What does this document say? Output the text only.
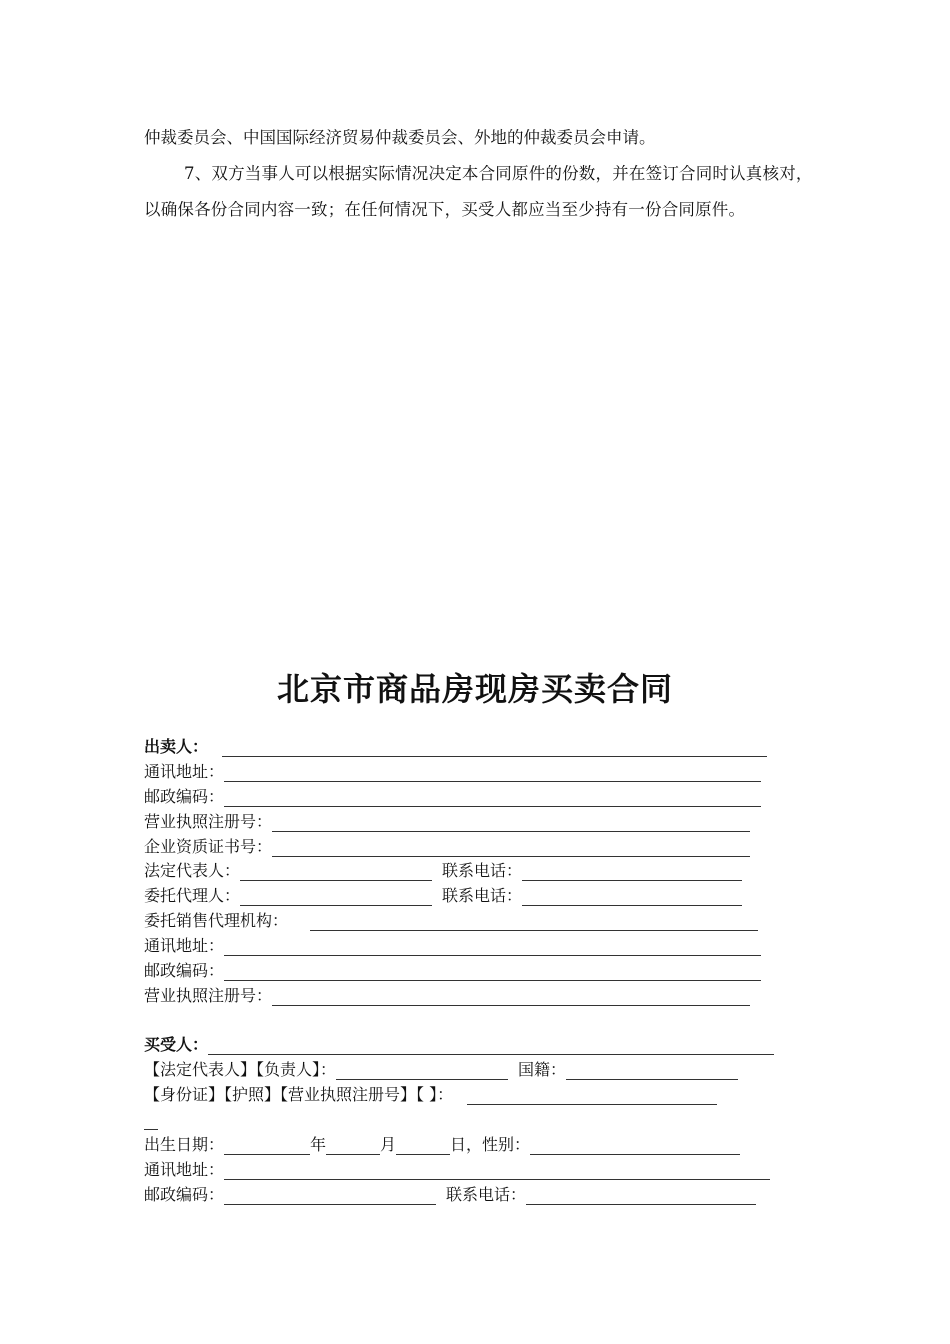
仲裁委员会、中国国际经济贸易仲裁委员会、外地的仲裁委员会申请。

7、双方当事人可以根据实际情况决定本合同原件的份数，并在签订合同时认真核对，以确保各份合同内容一致；在任何情况下，买受人都应当至少持有一份合同原件。

北京市商品房现房买卖合同
出卖人：
通讯地址：
邮政编码：
营业执照注册号：
企业资质证书号：
法定代表人：	联系电话：
委托代理人：	联系电话：
委托销售代理机构：
通讯地址：
邮政编码：
营业执照注册号：
买受人：
【法定代表人】【负责人】：	国籍：
【身份证】【护照】【营业执照注册号】【 】：
出生日期：	年	月	日，性别：
通讯地址：
邮政编码：	联系电话：
